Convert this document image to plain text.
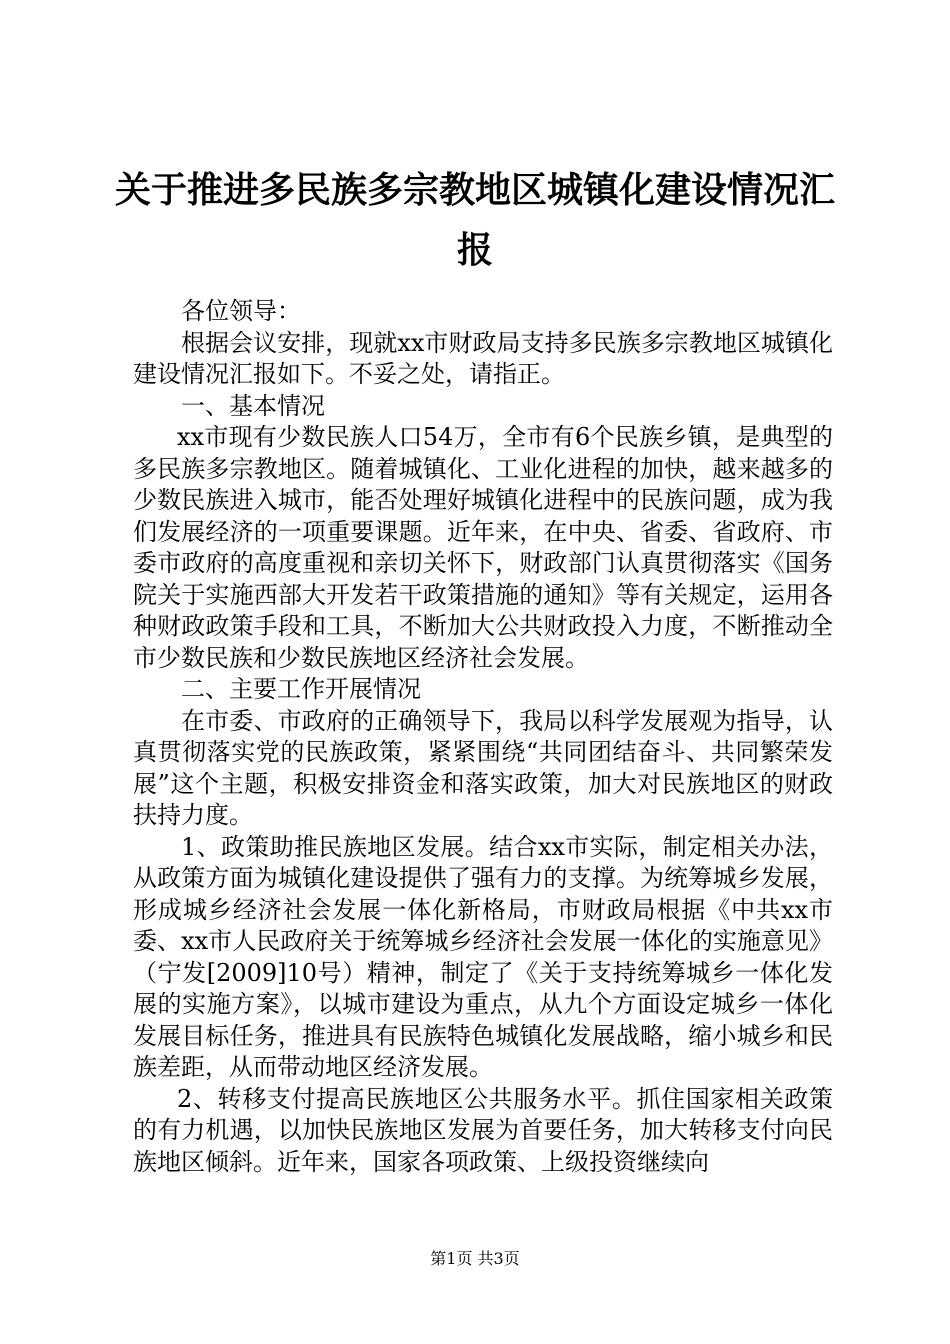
关于推进多民族多宗教地区城镇化建设情况汇报

各位领导：

根据会议安排，现就xx市财政局支持多民族多宗教地区城镇化建设情况汇报如下。不妥之处，请指正。

一、基本情况

xx市现有少数民族人口54万，全市有6个民族乡镇，是典型的多民族多宗教地区。随着城镇化、工业化进程的加快，越来越多的少数民族进入城市，能否处理好城镇化进程中的民族问题，成为我们发展经济的一项重要课题。近年来，在中央、省委、省政府、市委市政府的高度重视和亲切关怀下，财政部门认真贯彻落实《国务院关于实施西部大开发若干政策措施的通知》等有关规定，运用各种财政政策手段和工具，不断加大公共财政投入力度，不断推动全市少数民族和少数民族地区经济社会发展。

二、主要工作开展情况

在市委、市政府的正确领导下，我局以科学发展观为指导，认真贯彻落实党的民族政策，紧紧围绕“共同团结奋斗、共同繁荣发展”这个主题，积极安排资金和落实政策，加大对民族地区的财政扶持力度。

1、政策助推民族地区发展。结合xx市实际，制定相关办法，从政策方面为城镇化建设提供了强有力的支撑。为统筹城乡发展，形成城乡经济社会发展一体化新格局，市财政局根据《中共xx市委、xx市人民政府关于统筹城乡经济社会发展一体化的实施意见》（宁发[2009]10号）精神，制定了《关于支持统筹城乡一体化发展的实施方案》，以城市建设为重点，从九个方面设定城乡一体化发展目标任务，推进具有民族特色城镇化发展战略，缩小城乡和民族差距，从而带动地区经济发展。

2、转移支付提高民族地区公共服务水平。抓住国家相关政策的有力机遇，以加快民族地区发展为首要任务，加大转移支付向民族地区倾斜。近年来，国家各项政策、上级投资继续向

第1页 共3页
